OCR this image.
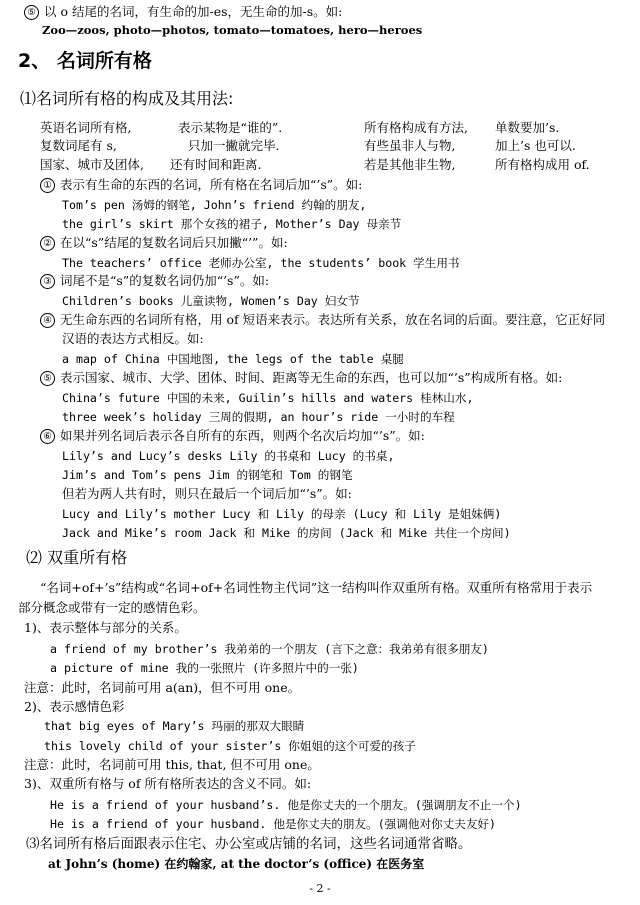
⑤ 以 o 结尾的名词，有生命的加-es，无生命的加-s。如:
Zoo—zoos, photo—photos, tomato—tomatoes, hero—heroes
2、 名词所有格
⑴名词所有格的构成及其用法:
英语名词所有格,	表示某物是“谁的”.	所有格构成有方法, 单数要加’s.
复数词尾有 s,	只加一撇就完毕.	有些虽非人与物,	加上’s 也可以.
国家、城市及团体, 还有时间和距离.	若是其他非生物,	所有格构成用 of.
① 表示有生命的东西的名词，所有格在名词后加“’s”。如:
Tom’s pen 汤姆的钢笔, John’s friend 约翰的朋友,
the girl’s skirt 那个女孩的裙子, Mother’s Day 母亲节
② 在以“s”结尾的复数名词后只加撇“’”。如:
The teachers’ office 老师办公室, the students’ book 学生用书
③ 词尾不是“s”的复数名词仍加“’s”。如:
Children’s books 儿童读物, Women’s Day 妇女节
④ 无生命东西的名词所有格，用 of 短语来表示。表达所有关系，放在名词的后面。要注意，它正好同
汉语的表达方式相反。如:
a map of China 中国地图, the legs of the table 桌腿
⑤ 表示国家、城市、大学、团体、时间、距离等无生命的东西，也可以加“’s”构成所有格。如:
China’s future 中国的未来, Guilin’s hills and waters 桂林山水,
three week’s holiday 三周的假期, an hour’s ride 一小时的车程
⑥ 如果并列名词后表示各自所有的东西，则两个名次后均加“’s”。如:
Lily’s and Lucy’s desks Lily 的书桌和 Lucy 的书桌,
Jim’s and Tom’s pens Jim 的钢笔和 Tom 的钢笔
但若为两人共有时，则只在最后一个词后加“’s”。如:
Lucy and Lily’s mother Lucy 和 Lily 的母亲 (Lucy 和 Lily 是姐妹俩)
Jack and Mike’s room Jack 和 Mike 的房间 (Jack 和 Mike 共住一个房间)
⑵ 双重所有格
“名词+of+’s”结构或“名词+of+名词性物主代词”这一结构叫作双重所有格。双重所有格常用于表示
部分概念或带有一定的感情色彩。
1)、表示整体与部分的关系。
a friend of my brother’s 我弟弟的一个朋友 (言下之意：我弟弟有很多朋友)
a picture of mine 我的一张照片 (许多照片中的一张)
注意：此时，名词前可用 a(an)，但不可用 one。
2)、表示感情色彩
that big eyes of Mary’s 玛丽的那双大眼睛
this lovely child of your sister’s 你姐姐的这个可爱的孩子
注意：此时，名词前可用 this, that, 但不可用 one。
3)、双重所有格与 of 所有格所表达的含义不同。如:
He is a friend of your husband’s. 他是你丈夫的一个朋友。(强调朋友不止一个)
He is a friend of your husband. 他是你丈夫的朋友。(强调他对你丈夫友好)
⑶名词所有格后面跟表示住宅、办公室或店铺的名词，这些名词通常省略。
at John’s (home) 在约翰家, at the doctor’s (office) 在医务室
- 2 -
